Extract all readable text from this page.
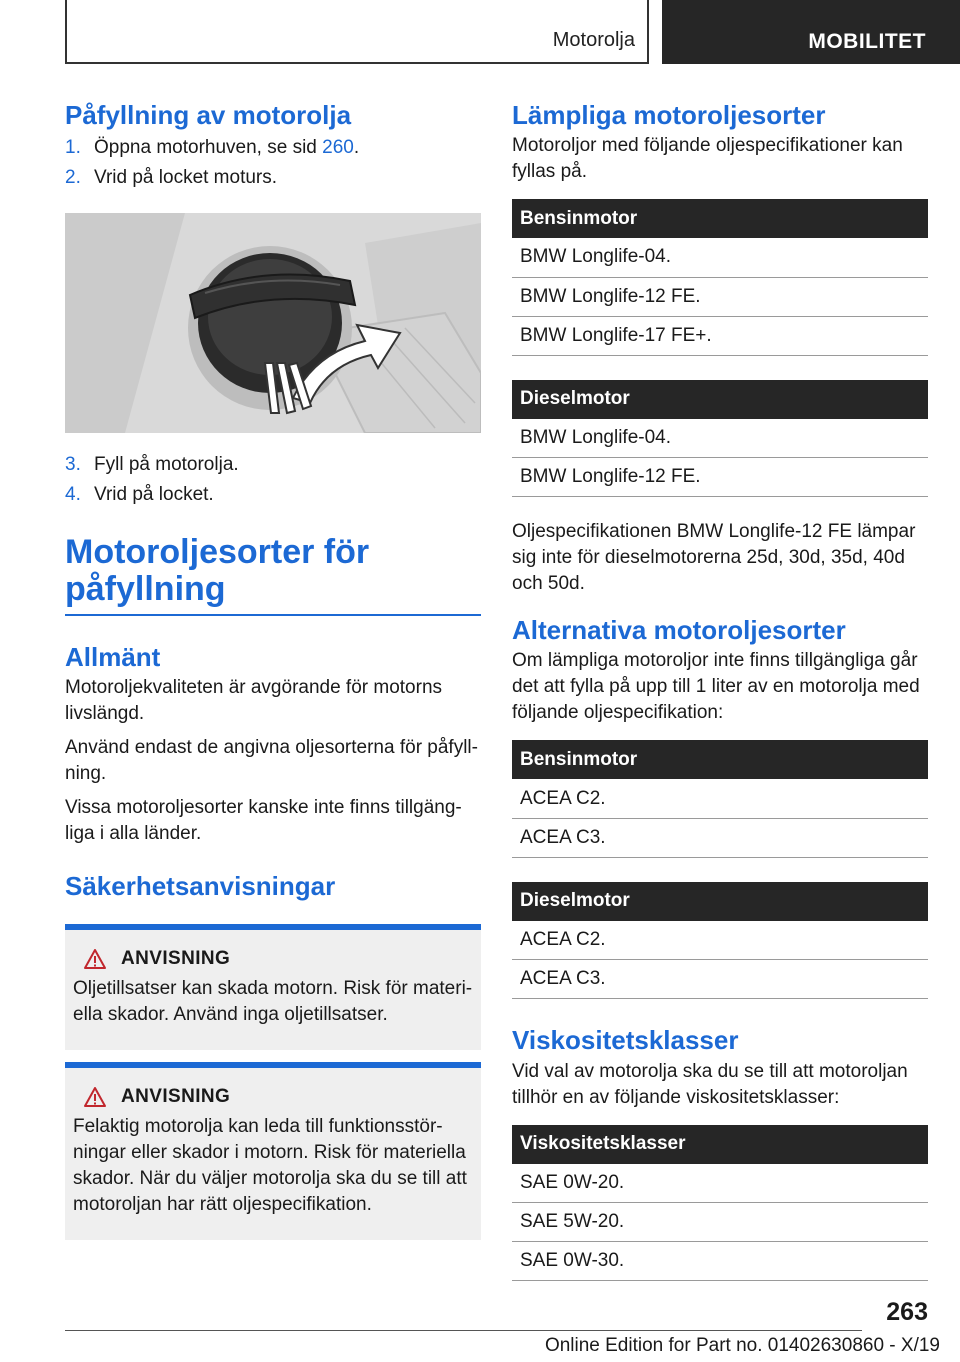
Motorolja	MOBILITET
Påfyllning av motorolja
1. Öppna motorhuven, se sid 260.
2. Vrid på locket moturs.
3. Fyll på motorolja.
4. Vrid på locket.
Motoroljesorter för
påfyllning
Allmänt

Motoroljekvaliteten är avgörande för motorns livslängd.

Använd endast de angivna oljesorterna för påfyll- ning.

Vissa motoroljesorter kanske inte finns tillgäng- liga i alla länder.

Säkerhetsanvisningar
ANVISNING

Oljetillsatser kan skada motorn. Risk för materi- ella skador. Använd inga oljetillsatser.

ANVISNING

Felaktig motorolja kan leda till funktionsstör- ningar eller skador i motorn. Risk för materiella skador. När du väljer motorolja ska du se till att motoroljan har rätt oljespecifikation.

Lämpliga motoroljesorter

Motoroljor med följande oljespecifikationer kan fyllas på.

Bensinmotor
BMW Longlife-04.
BMW Longlife-12 FE.
BMW Longlife-17 FE+.
Dieselmotor
BMW Longlife-04.
BMW Longlife-12 FE.

Oljespecifikationen BMW Longlife-12 FE lämpar sig inte för dieselmotorerna 25d, 30d, 35d, 40d och 50d.

Alternativa motoroljesorter

Om lämpliga motoroljor inte finns tillgängliga går det att fylla på upp till 1 liter av en motorolja med följande oljespecifikation:

Bensinmotor
ACEA C2.
ACEA C3.
Dieselmotor
ACEA C2.
ACEA C3.
Viskositetsklasser

Vid val av motorolja ska du se till att motoroljan tillhör en av följande viskositetsklasser:

Viskositetsklasser
SAE 0W-20.
SAE 5W-20.
SAE 0W-30.
263
Online Edition for Part no. 01402630860 - X/19
